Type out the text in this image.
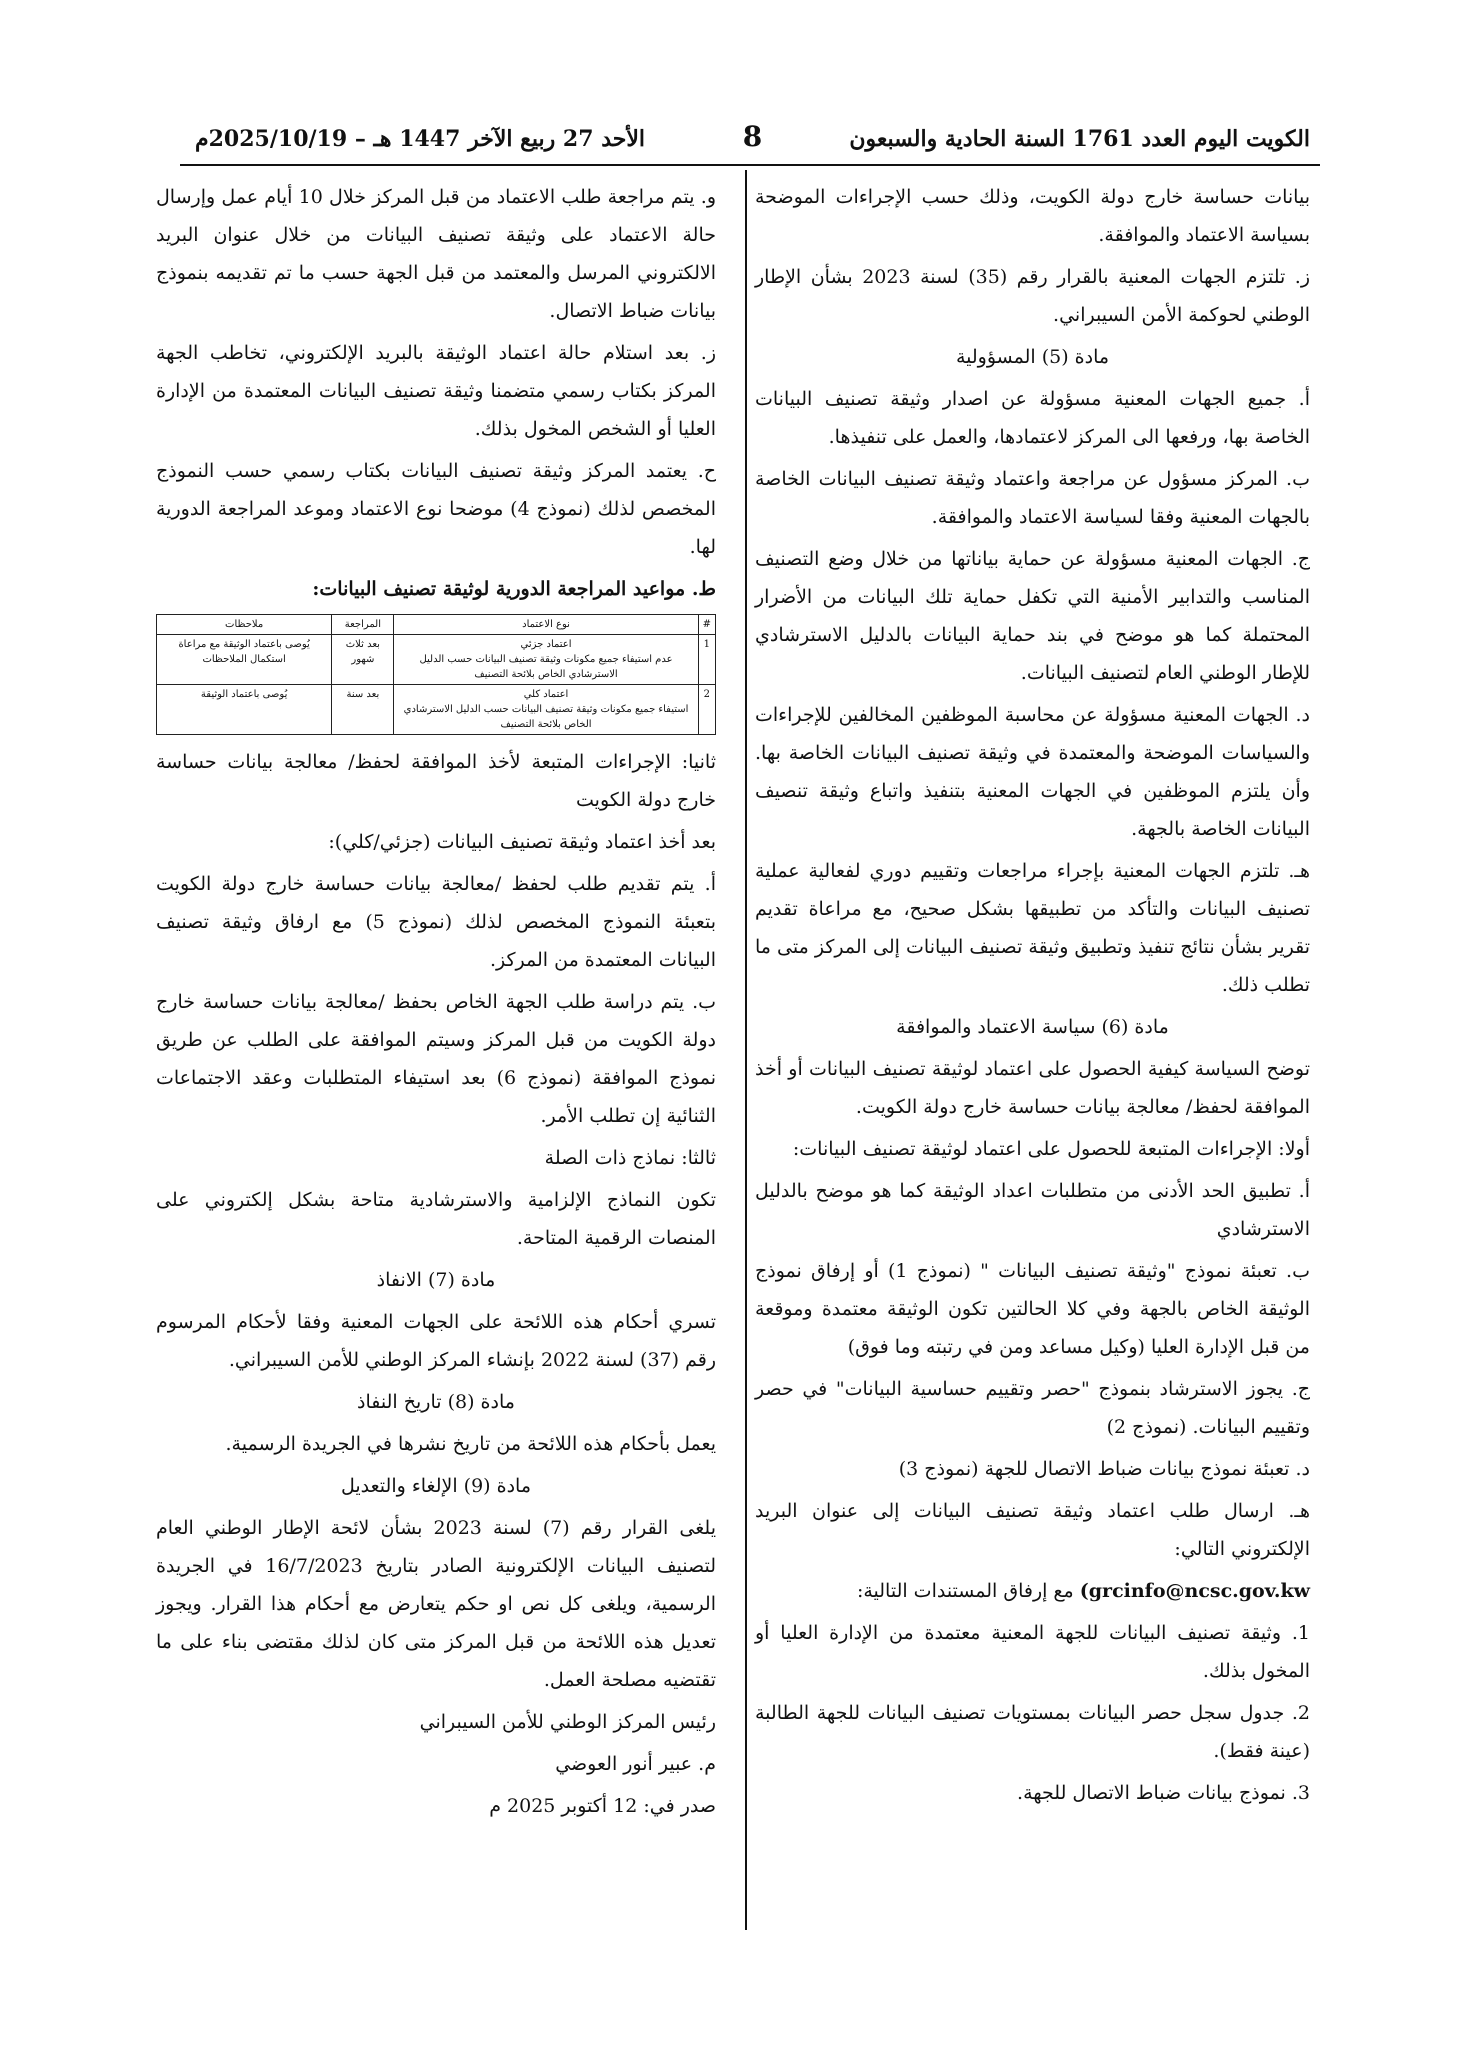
الكويت اليوم العدد 1761 السنة الحادية والسبعون
8
الأحد 27 ربيع الآخر 1447 هـ – 2025/10/19م

بيانات حساسة خارج دولة الكويت، وذلك حسب الإجراءات الموضحة بسياسة الاعتماد والموافقة.

ز. تلتزم الجهات المعنية بالقرار رقم (35) لسنة 2023 بشأن الإطار الوطني لحوكمة الأمن السيبراني.

مادة (5) المسؤولية

أ. جميع الجهات المعنية مسؤولة عن اصدار وثيقة تصنيف البيانات الخاصة بها، ورفعها الى المركز لاعتمادها، والعمل على تنفيذها.

ب. المركز مسؤول عن مراجعة واعتماد وثيقة تصنيف البيانات الخاصة بالجهات المعنية وفقا لسياسة الاعتماد والموافقة.

ج. الجهات المعنية مسؤولة عن حماية بياناتها من خلال وضع التصنيف المناسب والتدابير الأمنية التي تكفل حماية تلك البيانات من الأضرار المحتملة كما هو موضح في بند حماية البيانات بالدليل الاسترشادي للإطار الوطني العام لتصنيف البيانات.

د. الجهات المعنية مسؤولة عن محاسبة الموظفين المخالفين للإجراءات والسياسات الموضحة والمعتمدة في وثيقة تصنيف البيانات الخاصة بها. وأن يلتزم الموظفين في الجهات المعنية بتنفيذ واتباع وثيقة تنصيف البيانات الخاصة بالجهة.

هـ. تلتزم الجهات المعنية بإجراء مراجعات وتقييم دوري لفعالية عملية تصنيف البيانات والتأكد من تطبيقها بشكل صحيح، مع مراعاة تقديم تقرير بشأن نتائج تنفيذ وتطبيق وثيقة تصنيف البيانات إلى المركز متى ما تطلب ذلك.

مادة (6) سياسة الاعتماد والموافقة

توضح السياسة كيفية الحصول على اعتماد لوثيقة تصنيف البيانات أو أخذ الموافقة لحفظ/ معالجة بيانات حساسة خارج دولة الكويت.

أولا: الإجراءات المتبعة للحصول على اعتماد لوثيقة تصنيف البيانات:

أ. تطبيق الحد الأدنى من متطلبات اعداد الوثيقة كما هو موضح بالدليل الاسترشادي

ب. تعبئة نموذج "وثيقة تصنيف البيانات " (نموذج 1) أو إرفاق نموذج الوثيقة الخاص بالجهة وفي كلا الحالتين تكون الوثيقة معتمدة وموقعة من قبل الإدارة العليا (وكيل مساعد ومن في رتبته وما فوق)

ج. يجوز الاسترشاد بنموذج "حصر وتقييم حساسية البيانات" في حصر وتقييم البيانات. (نموذج 2)

د. تعبئة نموذج بيانات ضباط الاتصال للجهة (نموذج 3)

هـ. ارسال طلب اعتماد وثيقة تصنيف البيانات إلى عنوان البريد الإلكتروني التالي:

(grcinfo@ncsc.gov.kw مع إرفاق المستندات التالية:

1. وثيقة تصنيف البيانات للجهة المعنية معتمدة من الإدارة العليا أو المخول بذلك.

2. جدول سجل حصر البيانات بمستويات تصنيف البيانات للجهة الطالبة (عينة فقط).

3. نموذج بيانات ضباط الاتصال للجهة.

و. يتم مراجعة طلب الاعتماد من قبل المركز خلال 10 أيام عمل وإرسال حالة الاعتماد على وثيقة تصنيف البيانات من خلال عنوان البريد الالكتروني المرسل والمعتمد من قبل الجهة حسب ما تم تقديمه بنموذج بيانات ضباط الاتصال.

ز. بعد استلام حالة اعتماد الوثيقة بالبريد الإلكتروني، تخاطب الجهة المركز بكتاب رسمي متضمنا وثيقة تصنيف البيانات المعتمدة من الإدارة العليا أو الشخص المخول بذلك.

ح. يعتمد المركز وثيقة تصنيف البيانات بكتاب رسمي حسب النموذج المخصص لذلك (نموذج 4) موضحا نوع الاعتماد وموعد المراجعة الدورية لها.

ط. مواعيد المراجعة الدورية لوثيقة تصنيف البيانات:

#	نوع الاعتماد	المراجعة	ملاحظات
1	اعتماد جزئي
عدم استيفاء جميع مكونات وثيقة تصنيف البيانات حسب الدليل الاسترشادي الخاص بلائحة التصنيف	بعد ثلاث شهور	يُوصى باعتماد الوثيقة مع مراعاة استكمال الملاحظات
2	اعتماد كلي
استيفاء جميع مكونات وثيقة تصنيف البيانات حسب الدليل الاسترشادي الخاص بلائحة التصنيف	بعد سنة	يُوصى باعتماد الوثيقة

ثانيا: الإجراءات المتبعة لأخذ الموافقة لحفظ/ معالجة بيانات حساسة خارج دولة الكويت

بعد أخذ اعتماد وثيقة تصنيف البيانات (جزئي/كلي):

أ. يتم تقديم طلب لحفظ /معالجة بيانات حساسة خارج دولة الكويت بتعبئة النموذج المخصص لذلك (نموذج 5) مع ارفاق وثيقة تصنيف البيانات المعتمدة من المركز.

ب. يتم دراسة طلب الجهة الخاص بحفظ /معالجة بيانات حساسة خارج دولة الكويت من قبل المركز وسيتم الموافقة على الطلب عن طريق نموذج الموافقة (نموذج 6) بعد استيفاء المتطلبات وعقد الاجتماعات الثنائية إن تطلب الأمر.

ثالثا: نماذج ذات الصلة

تكون النماذج الإلزامية والاسترشادية متاحة بشكل إلكتروني على المنصات الرقمية المتاحة.

مادة (7) الانفاذ

تسري أحكام هذه اللائحة على الجهات المعنية وفقا لأحكام المرسوم رقم (37) لسنة 2022 بإنشاء المركز الوطني للأمن السيبراني.

مادة (8) تاريخ النفاذ

يعمل بأحكام هذه اللائحة من تاريخ نشرها في الجريدة الرسمية.

مادة (9) الإلغاء والتعديل

يلغى القرار رقم (7) لسنة 2023 بشأن لائحة الإطار الوطني العام لتصنيف البيانات الإلكترونية الصادر بتاريخ 16/7/2023 في الجريدة الرسمية، ويلغى كل نص او حكم يتعارض مع أحكام هذا القرار. ويجوز تعديل هذه اللائحة من قبل المركز متى كان لذلك مقتضى بناء على ما تقتضيه مصلحة العمل.

رئيس المركز الوطني للأمن السيبراني

م. عبير أنور العوضي

صدر في: 12 أكتوبر 2025 م
